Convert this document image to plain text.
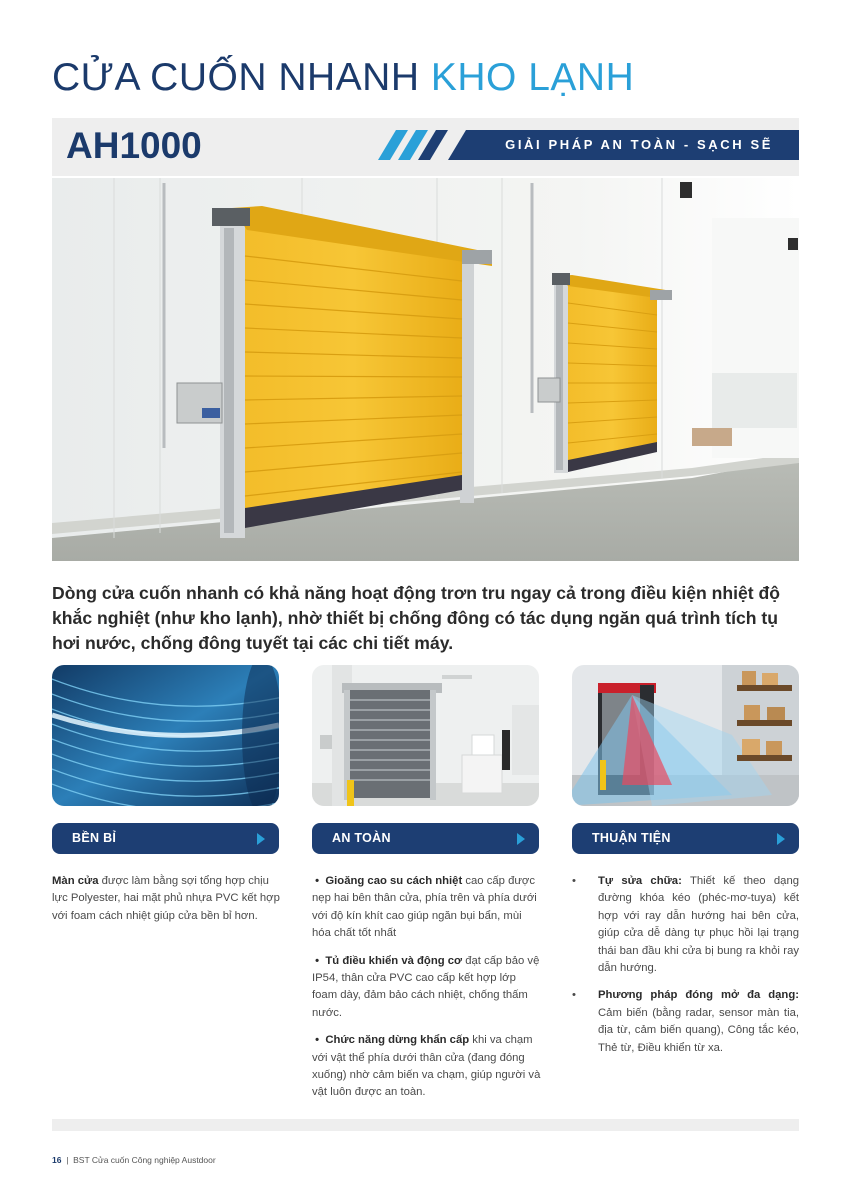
CỬA CUỐN NHANH KHO LẠNH
AH1000	GIẢI PHÁP AN TOÀN - SẠCH SẼ
Dòng cửa cuốn nhanh có khả năng hoạt động trơn tru ngay cả trong điều kiện nhiệt độ khắc nghiệt (như kho lạnh), nhờ thiết bị chống đông có tác dụng ngăn quá trình tích tụ hơi nước, chống đông tuyết tại các chi tiết máy.
BỀN BỈ	AN TOÀN	THUẬN TIỆN

Màn cửa được làm bằng sợi tổng hợp chịu lực Polyester, hai mặt phủ nhựa PVC kết hợp với foam cách nhiệt giúp cửa bền bỉ hơn.

•  Gioăng cao su cách nhiệt cao cấp được nẹp hai bên thân cửa, phía trên và phía dưới với độ kín khít cao giúp ngăn bụi bẩn, mùi hóa chất tốt nhất

•  Tủ điều khiển và động cơ đạt cấp bảo vệ IP54, thân cửa PVC cao cấp kết hợp lớp foam dày, đảm bảo cách nhiệt, chống thấm nước.

•  Chức năng dừng khẩn cấp khi va chạm với vật thể phía dưới thân cửa (đang đóng xuống) nhờ cảm biến va chạm, giúp người và vật luôn được an toàn.

• Tự sửa chữa: Thiết kế theo dạng đường khóa kéo (phéc-mơ-tuya) kết hợp với ray dẫn hướng hai bên cửa, giúp cửa dễ dàng tự phục hồi lại trạng thái ban đầu khi cửa bị bung ra khỏi ray dẫn hướng.
• Phương pháp đóng mở đa dạng: Cảm biến (bằng radar, sensor màn tia, địa từ, cảm biến quang), Công tắc kéo, Thẻ từ, Điều khiển từ xa.
16  |  BST Cửa cuốn Công nghiệp Austdoor
